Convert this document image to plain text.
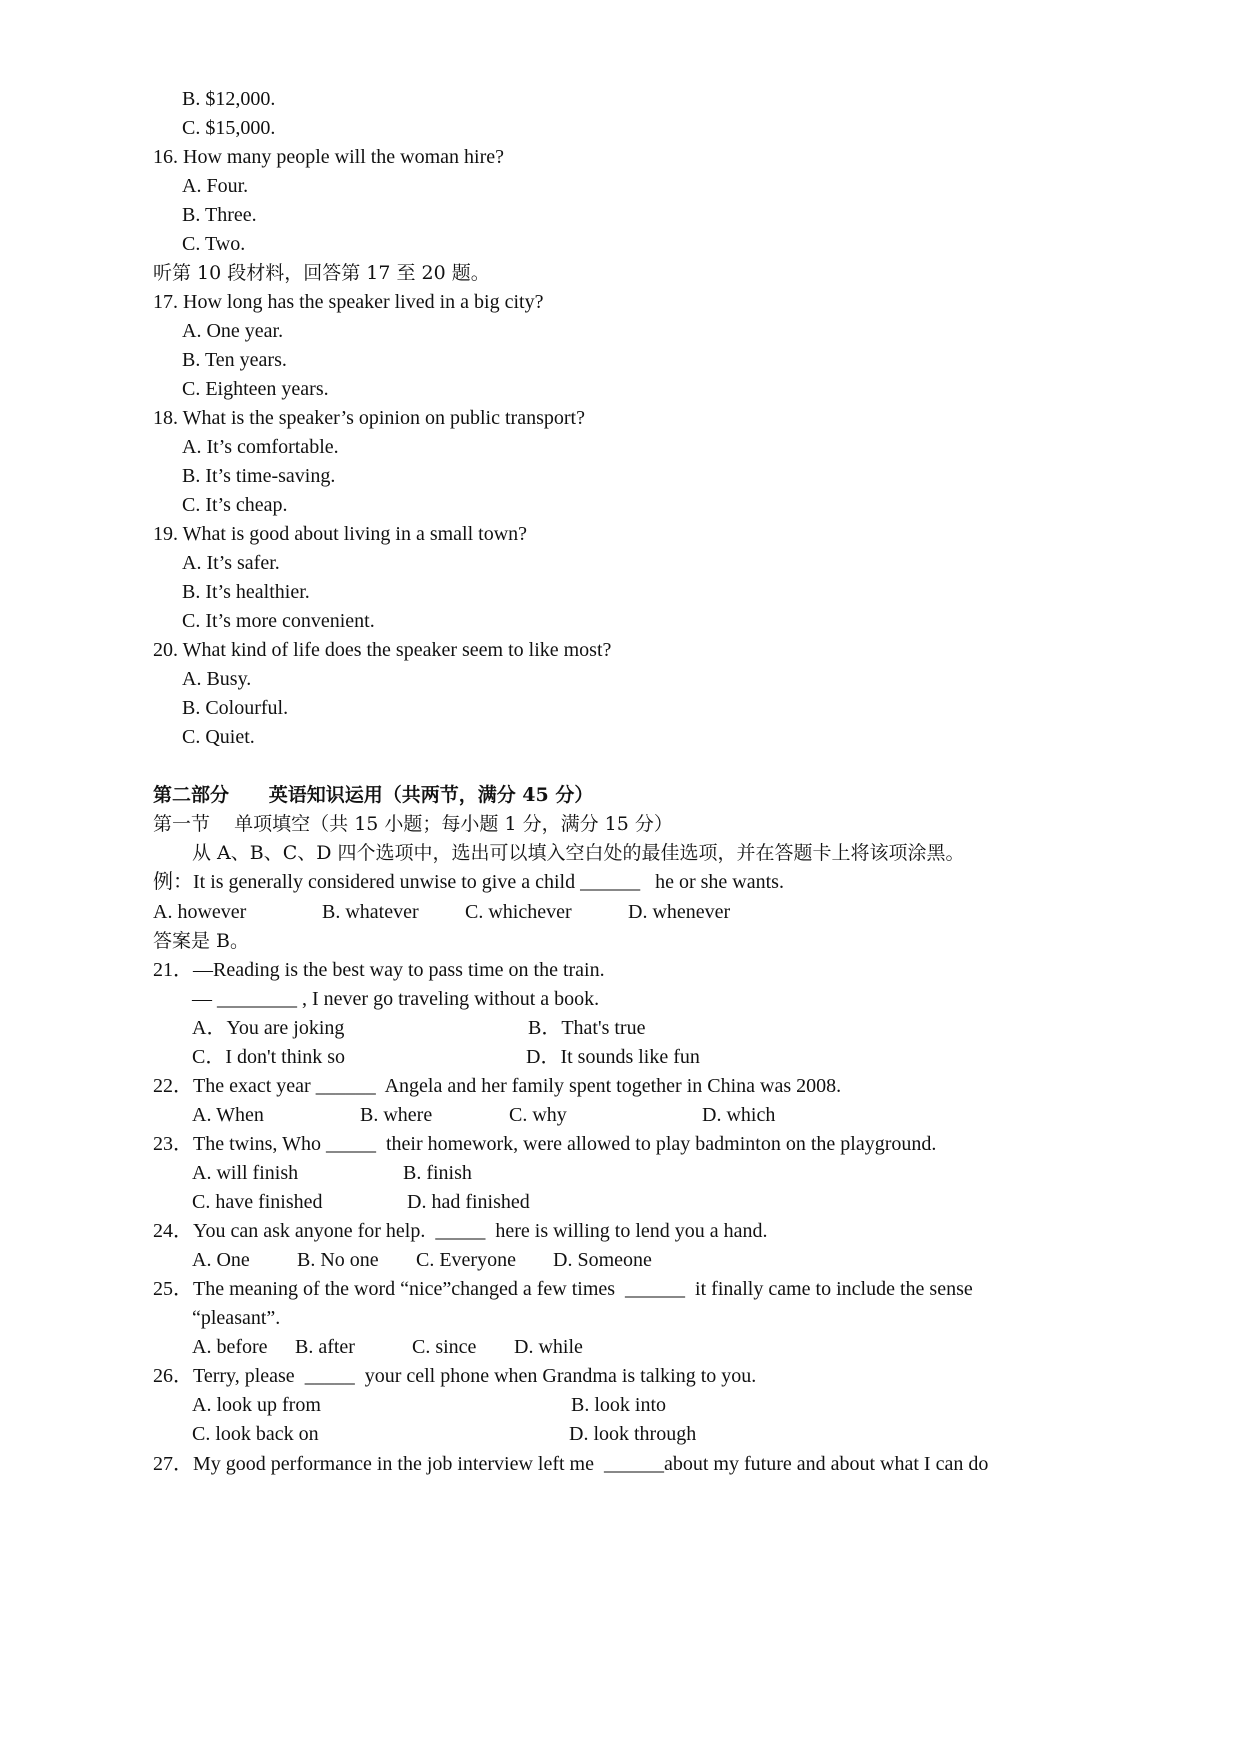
B. $12,000.
C. $15,000.
16. How many people will the woman hire?
A. Four.
B. Three.
C. Two.
听第 10 段材料，回答第 17 至 20 题。
17. How long has the speaker lived in a big city?
A. One year.
B. Ten years.
C. Eighteen years.
18. What is the speaker’s opinion on public transport?
A. It’s comfortable.
B. It’s time-saving.
C. It’s cheap.
19. What is good about living in a small town?
A. It’s safer.
B. It’s healthier.
C. It’s more convenient.
20. What kind of life does the speaker seem to like most?
A. Busy.
B. Colourful.
C. Quiet.
第二部分      英语知识运用（共两节，满分 45 分）
第一节    单项填空（共 15 小题；每小题 1 分，满分 15 分）
从 A、B、C、D 四个选项中，选出可以填入空白处的最佳选项，并在答题卡上将该项涂黑。
例：It is generally considered unwise to give a child ______   he or she wants.
A. however	B. whatever C. whichever	D. whenever
答案是 B。
21．—Reading is the best way to pass time on the train.
— ________ , I never go traveling without a book.
A．You are joking	B．That's true
C．I don't think so	D．It sounds like fun
22．The exact year ______  Angela and her family spent together in China was 2008.
A. When	B. where	C. why	D. which
23．The twins, Who _____  their homework, were allowed to play badminton on the playground.
A. will finish	B. finish
C. have finished	D. had finished
24．You can ask anyone for help.  _____  here is willing to lend you a hand.
A. One B. No one C. Everyone D. Someone
25．The meaning of the word “nice”changed a few times  ______  it finally came to include the sense
“pleasant”.
A. before B. after	C. since D. while
26．Terry, please  _____  your cell phone when Grandma is talking to you.
A. look up from	B. look into
C. look back on	D. look through
27．My good performance in the job interview left me  ______about my future and about what I can do
